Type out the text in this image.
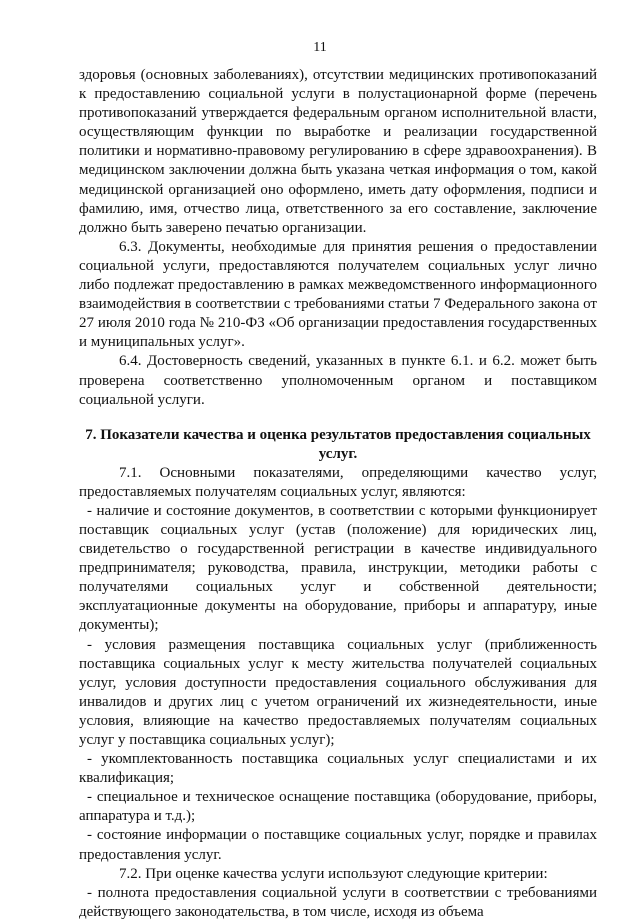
11

здоровья (основных заболеваниях), отсутствии медицинских противопоказаний к предоставлению социальной услуги в полустационарной форме (перечень противопоказаний утверждается федеральным органом исполнительной власти, осуществляющим функции по выработке и реализации государственной политики и нормативно-правовому регулированию в сфере здравоохранения). В медицинском заключении должна быть указана четкая информация о том, какой медицинской организацией оно оформлено, иметь дату оформления, подписи и фамилию, имя, отчество лица, ответственного за его составление, заключение должно быть заверено печатью организации.

6.3. Документы, необходимые для принятия решения о предоставлении социальной услуги, предоставляются получателем социальных услуг лично либо подлежат предоставлению в рамках межведомственного информационного взаимодействия в соответствии с требованиями статьи 7 Федерального закона от 27 июля 2010 года № 210-ФЗ «Об организации предоставления государственных и муниципальных услуг».

6.4. Достоверность сведений, указанных в пункте 6.1. и 6.2. может быть проверена соответственно уполномоченным органом и поставщиком социальной услуги.

7. Показатели качества и оценка результатов предоставления социальных услуг.

7.1. Основными показателями, определяющими качество услуг, предоставляемых получателям социальных услуг, являются:

- наличие и состояние документов, в соответствии с которыми функционирует поставщик социальных услуг (устав (положение) для юридических лиц, свидетельство о государственной регистрации в качестве индивидуального предпринимателя; руководства, правила, инструкции, методики работы с получателями социальных услуг и собственной деятельности; эксплуатационные документы на оборудование, приборы и аппаратуру, иные документы);

- условия размещения поставщика социальных услуг (приближенность поставщика социальных услуг к месту жительства получателей социальных услуг, условия доступности предоставления социального обслуживания для инвалидов и других лиц с учетом ограничений их жизнедеятельности, иные условия, влияющие на качество предоставляемых получателям социальных услуг у поставщика социальных услуг);

- укомплектованность поставщика социальных услуг специалистами и их квалификация;

- специальное и техническое оснащение поставщика (оборудование, приборы, аппаратура и т.д.);

- состояние информации о поставщике социальных услуг, порядке и правилах предоставления услуг.

7.2. При оценке качества услуги используют следующие критерии:

- полнота предоставления социальной услуги в соответствии с требованиями действующего законодательства, в том числе, исходя из объема
